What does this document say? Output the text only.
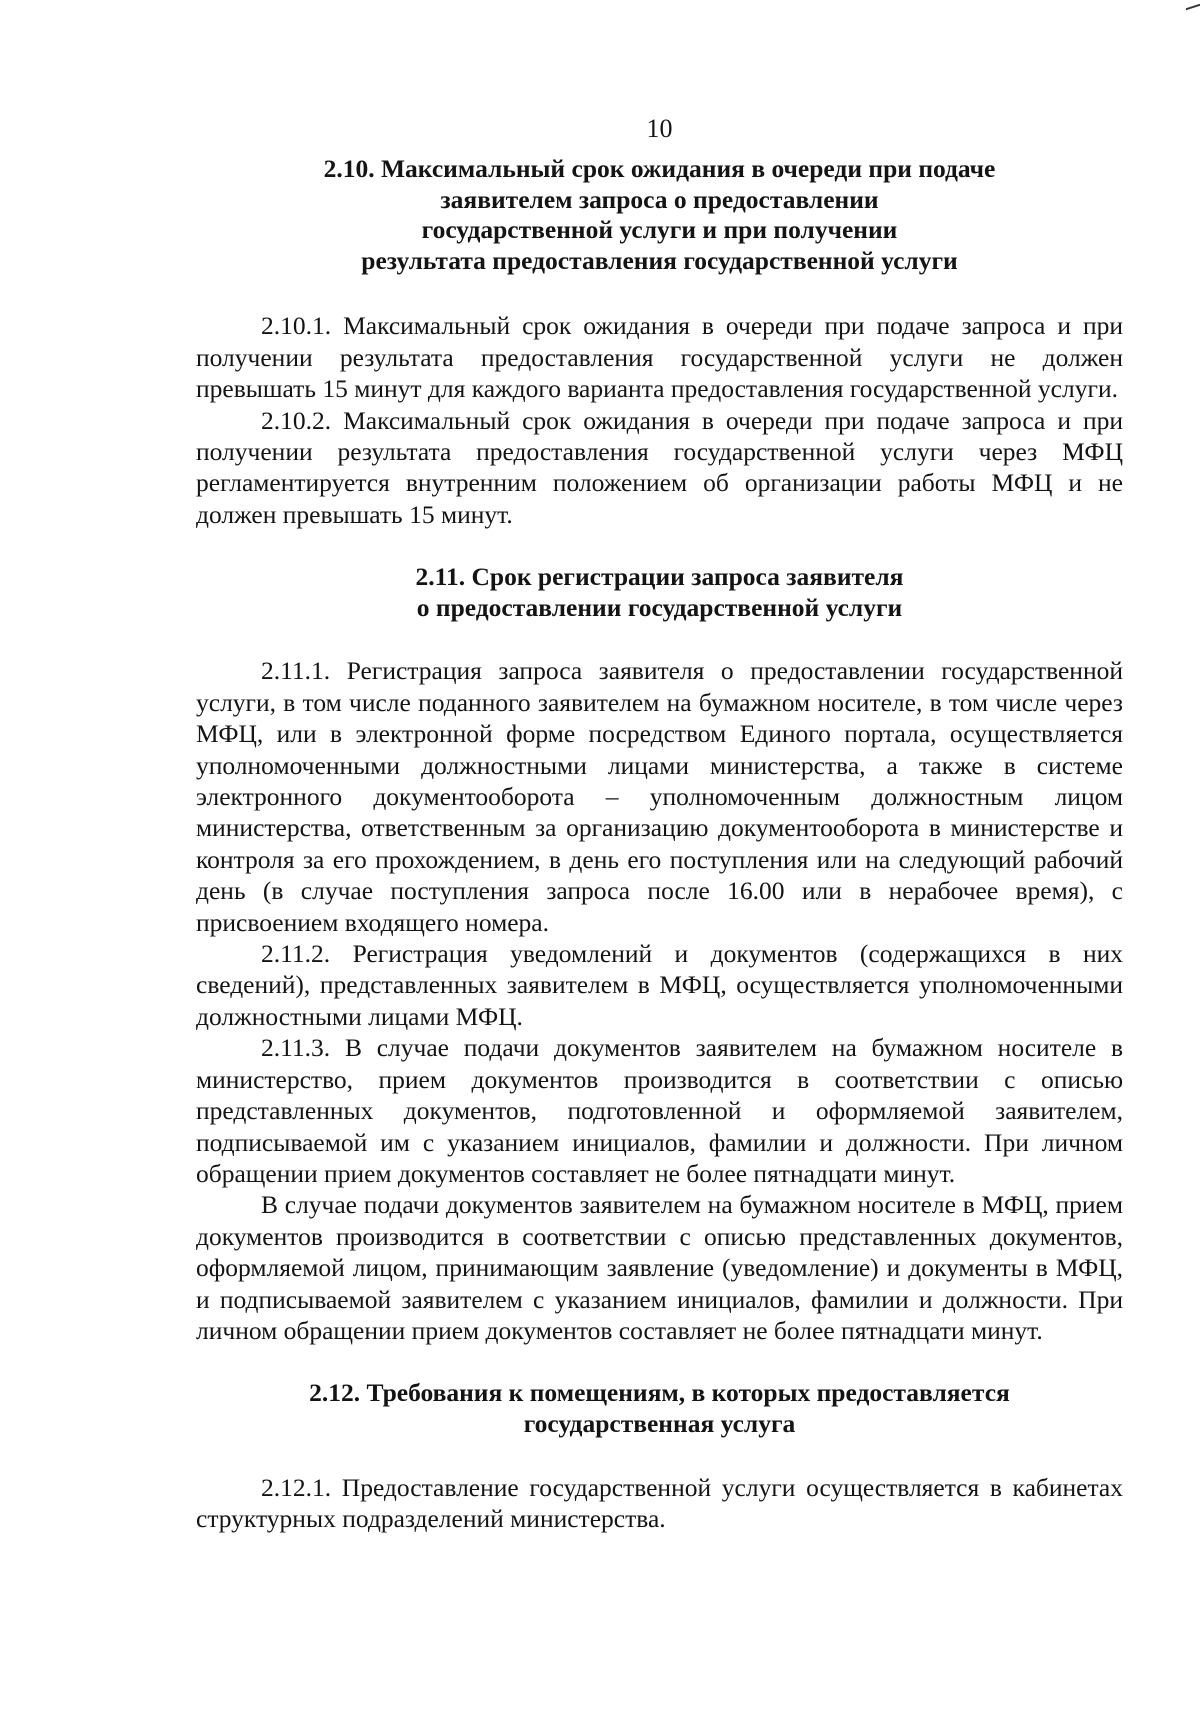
10
2.10. Максимальный срок ожидания в очереди при подаче
заявителем запроса о предоставлении
государственной услуги и при получении
результата предоставления государственной услуги

2.10.1. Максимальный срок ожидания в очереди при подаче запроса и при получении результата предоставления государственной услуги не должен превышать 15 минут для каждого варианта предоставления государственной услуги.

2.10.2. Максимальный срок ожидания в очереди при подаче запроса и при получении результата предоставления государственной услуги через МФЦ регламентируется внутренним положением об организации работы МФЦ и не должен превышать 15 минут.

2.11. Срок регистрации запроса заявителя
о предоставлении государственной услуги

2.11.1. Регистрация запроса заявителя о предоставлении государственной услуги, в том числе поданного заявителем на бумажном носителе, в том числе через МФЦ, или в электронной форме посредством Единого портала, осуществляется уполномоченными должностными лицами министерства, а также в системе электронного документооборота – уполномоченным должностным лицом министерства, ответственным за организацию документооборота в министерстве и контроля за его прохождением, в день его поступления или на следующий рабочий день (в случае поступления запроса после 16.00 или в нерабочее время), с присвоением входящего номера.

2.11.2. Регистрация уведомлений и документов (содержащихся в них сведений), представленных заявителем в МФЦ, осуществляется уполномоченными должностными лицами МФЦ.

2.11.3. В случае подачи документов заявителем на бумажном носителе в министерство, прием документов производится в соответствии с описью представленных документов, подготовленной и оформляемой заявителем, подписываемой им с указанием инициалов, фамилии и должности. При личном обращении прием документов составляет не более пятнадцати минут.

В случае подачи документов заявителем на бумажном носителе в МФЦ, прием документов производится в соответствии с описью представленных документов, оформляемой лицом, принимающим заявление (уведомление) и документы в МФЦ, и подписываемой заявителем с указанием инициалов, фамилии и должности. При личном обращении прием документов составляет не более пятнадцати минут.

2.12. Требования к помещениям, в которых предоставляется
государственная услуга

2.12.1. Предоставление государственной услуги осуществляется в кабинетах структурных подразделений министерства.
